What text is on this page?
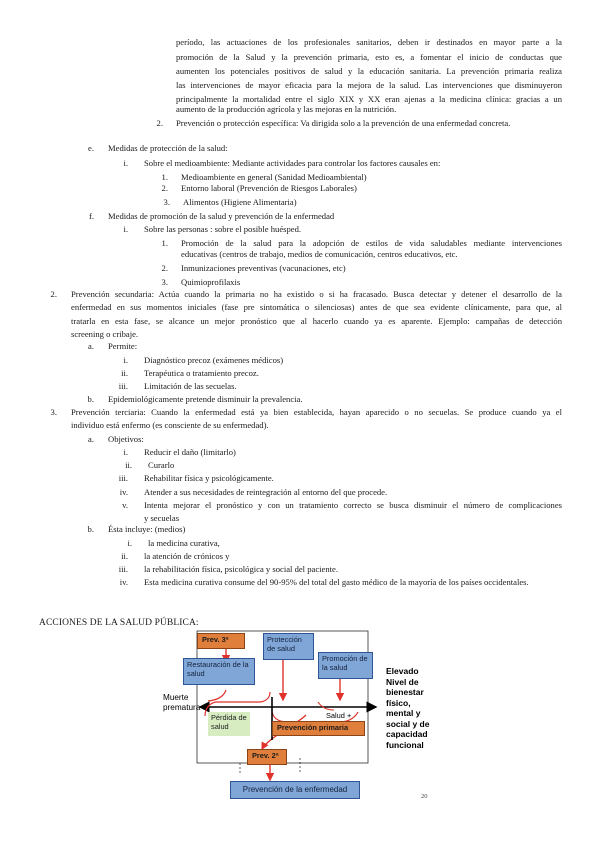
período, las actuaciones de los profesionales sanitarios, deben ir destinados en mayor parte a la
promoción de la Salud y la prevención primaria, esto es, a fomentar el inicio de conductas que
aumenten los potenciales positivos de salud y la educación sanitaria. La prevención primaria realiza
las intervenciones de mayor eficacia para la mejora de la salud. Las intervenciones que disminuyeron
principalmente la mortalidad entre el siglo XIX y XX eran ajenas a la medicina clínica: gracias a un
aumento de la producción agrícola y las mejoras en la nutrición.
2. Prevención o protección específica: Va dirigida solo a la prevención de una enfermedad concreta.
e. Medidas de protección de la salud:
i. Sobre el medioambiente: Mediante actividades para controlar los factores causales en:
1. Medioambiente en general (Sanidad Medioambiental)
2. Entorno laboral (Prevención de Riesgos Laborales)
3. Alimentos (Higiene Alimentaria)
f. Medidas de promoción de la salud y prevención de la enfermedad
i. Sobre las personas : sobre el posible huésped.
1. Promoción de la salud para la adopción de estilos de vida saludables mediante intervenciones
educativas (centros de trabajo, medios de comunicación, centros educativos, etc.
2. Inmunizaciones preventivas (vacunaciones, etc)
3. Quimioprofilaxis
2. Prevención secundaria: Actúa cuando la primaria no ha existido o si ha fracasado. Busca detectar y detener el desarrollo de la
enfermedad en sus momentos iniciales (fase pre sintomática o silenciosas) antes de que sea evidente clínicamente, para que, al
tratarla en esta fase, se alcance un mejor pronóstico que al hacerlo cuando ya es aparente. Ejemplo: campañas de detección
screening o cribaje.
a. Permite:
i. Diagnóstico precoz (exámenes médicos)
ii. Terapéutica o tratamiento precoz.
iii. Limitación de las secuelas.
b. Epidemiológicamente pretende disminuir la prevalencia.
3. Prevención terciaria: Cuando la enfermedad está ya bien establecida, hayan aparecido o no secuelas. Se produce cuando ya el
individuo está enfermo (es consciente de su enfermedad).
a. Objetivos:
i. Reducir el daño (limitarlo)
ii. Curarlo
iii. Rehabilitar física y psicológicamente.
iv. Atender a sus necesidades de reintegración al entorno del que procede.
v. Intenta mejorar el pronóstico y con un tratamiento correcto se busca disminuir el número de complicaciones
y secuelas
b. Ésta incluye: (medios)
i. la medicina curativa,
ii. la atención de crónicos y
iii. la rehabilitación física, psicológica y social del paciente.
iv. Esta medicina curativa consume del 90-95% del total del gasto médico de la mayoría de los países occidentales.
ACCIONES DE LA SALUD PÚBLICA:
Prev. 3ª
Restauración de la salud
Protección de salud
Promoción de la salud	Elevado Nivel de bienestar físico, mental y social y de capacidad funcional
Muerte prematura
Pérdida de salud	Prevención primaria
Salud +
Prev. 2ª
Prevención de la enfermedad
20
